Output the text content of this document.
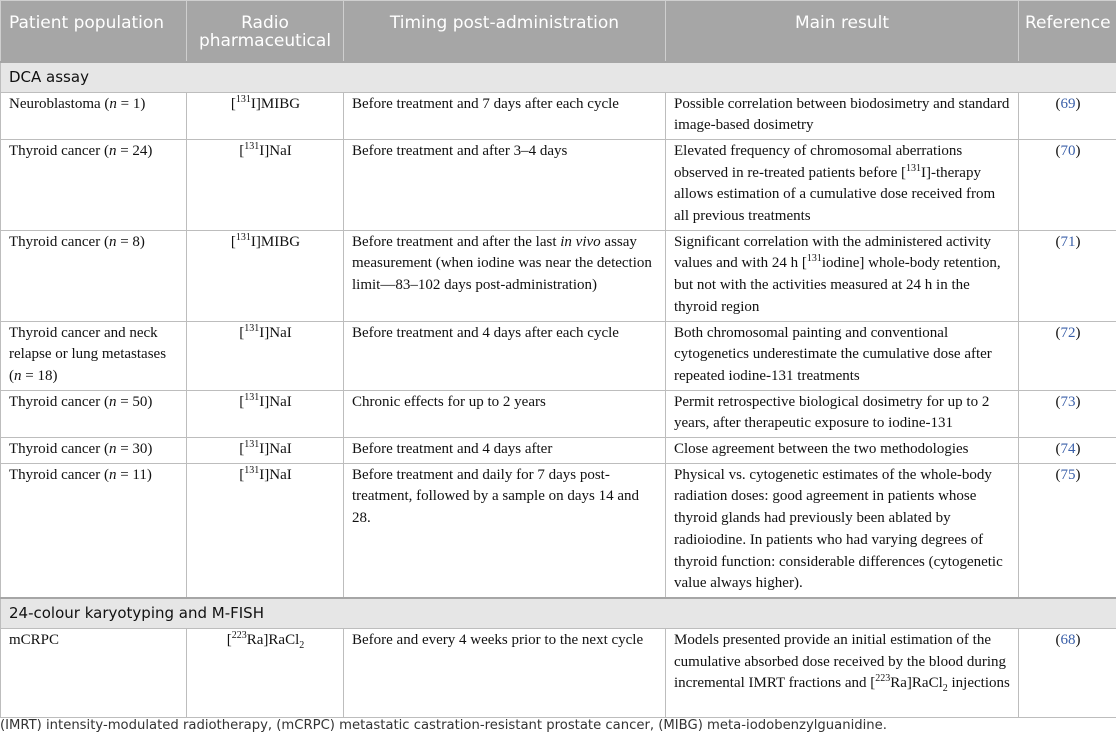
Patient population	Radio pharmaceutical	Timing post-administration	Main result	Reference
DCA assay				
Neuroblastoma (n = 1)	[$^{131}$I]MIBG	Before treatment and 7 days after each cycle	Possible correlation between biodosimetry and standard image-based dosimetry	(69)
Thyroid cancer (n = 24)	[$^{131}$I]NaI	Before treatment and after 3–4 days	Elevated frequency of chromosomal aberrations observed in re-treated patients before [$^{131}$I]-therapy allows estimation of a cumulative dose received from all previous treatments	(70)
Thyroid cancer (n = 8)	[$^{131}$I]MIBG	Before treatment and after the last in vivo assay measurement (when iodine was near the detection limit—83–102 days post-administration)	Significant correlation with the administered activity values and with 24 h [$^{131}$iodine] whole-body retention, but not with the activities measured at 24 h in the thyroid region	(71)
Thyroid cancer and neck relapse or lung metastases (n = 18)	[$^{131}$I]NaI	Before treatment and 4 days after each cycle	Both chromosomal painting and conventional cytogenetics underestimate the cumulative dose after repeated iodine-131 treatments	(72)
Thyroid cancer (n = 50)	[$^{131}$I]NaI	Chronic effects for up to 2 years	Permit retrospective biological dosimetry for up to 2 years, after therapeutic exposure to iodine-131	(73)
Thyroid cancer (n = 30)	[$^{131}$I]NaI	Before treatment and 4 days after	Close agreement between the two methodologies	(74)
Thyroid cancer (n = 11)	[$^{131}$I]NaI	Before treatment and daily for 7 days post-treatment, followed by a sample on days 14 and 28.	Physical vs. cytogenetic estimates of the whole-body radiation doses: good agreement in patients whose thyroid glands had previously been ablated by radioiodine. In patients who had varying degrees of thyroid function: considerable differences (cytogenetic value always higher).	(75)
24-colour karyotyping and M-FISH				
mCRPC	[$^{223}$Ra]RaCl$_2$	Before and every 4 weeks prior to the next cycle	Models presented provide an initial estimation of the cumulative absorbed dose received by the blood during incremental IMRT fractions and [$^{223}$Ra]RaCl$_2$ injections	(68)
(IMRT) intensity-modulated radiotherapy, (mCRPC) metastatic castration-resistant prostate cancer, (MIBG) meta-iodobenzylguanidine.
